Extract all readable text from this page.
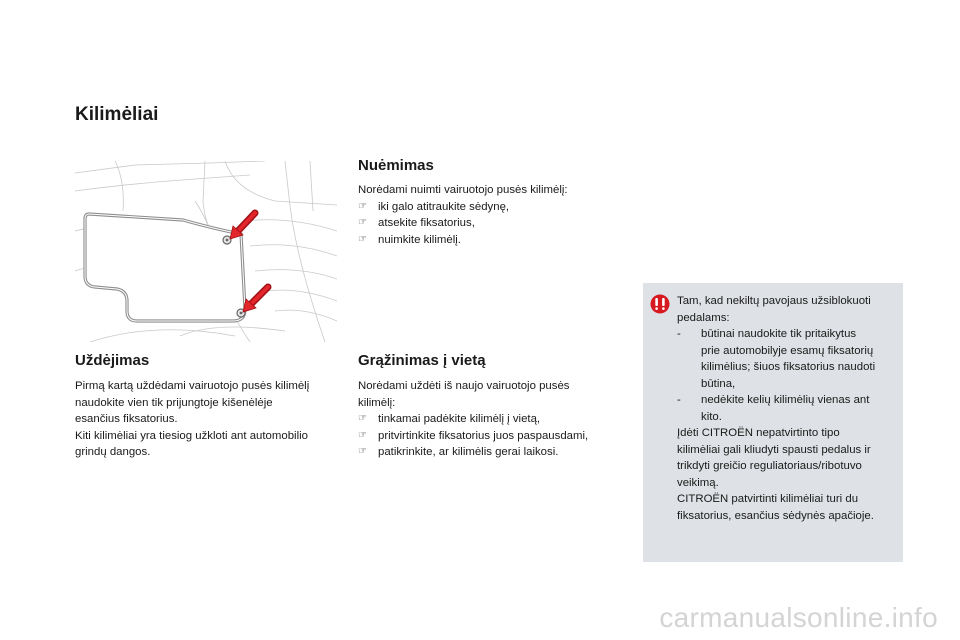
Kilimėliai
Nuėmimas

Norėdami nuimti vairuotojo pusės kilimėlį:

☞ iki galo atitraukite sėdynę,
☞ atsekite fiksatorius,
☞ nuimkite kilimėlį.
Uždėjimas

Pirmą kartą uždėdami vairuotojo pusės kilimėlį

naudokite vien tik prijungtoje kišenėlėje

esančius fiksatorius.

Kiti kilimėliai yra tiesiog užkloti ant automobilio

grindų dangos.

Grąžinimas į vietą

Norėdami uždėti iš naujo vairuotojo pusės

kilimėlį:

☞ tinkamai padėkite kilimėlį į vietą,
☞ pritvirtinkite fiksatorius juos paspausdami,
☞ patikrinkite, ar kilimėlis gerai laikosi.

Tam, kad nekiltų pavojaus užsiblokuoti

pedalams:

- būtinai naudokite tik pritaikytus

prie automobilyje esamų fiksatorių

kilimėlius; šiuos fiksatorius naudoti

būtina,

- nedėkite kelių kilimėlių vienas ant

kito.

Įdėti CITROËN nepatvirtinto tipo

kilimėliai gali kliudyti spausti pedalus ir

trikdyti greičio reguliatoriaus/ribotuvo

veikimą.

CITROËN patvirtinti kilimėliai turi du

fiksatorius, esančius sėdynės apačioje.

carmanualsonline.info
